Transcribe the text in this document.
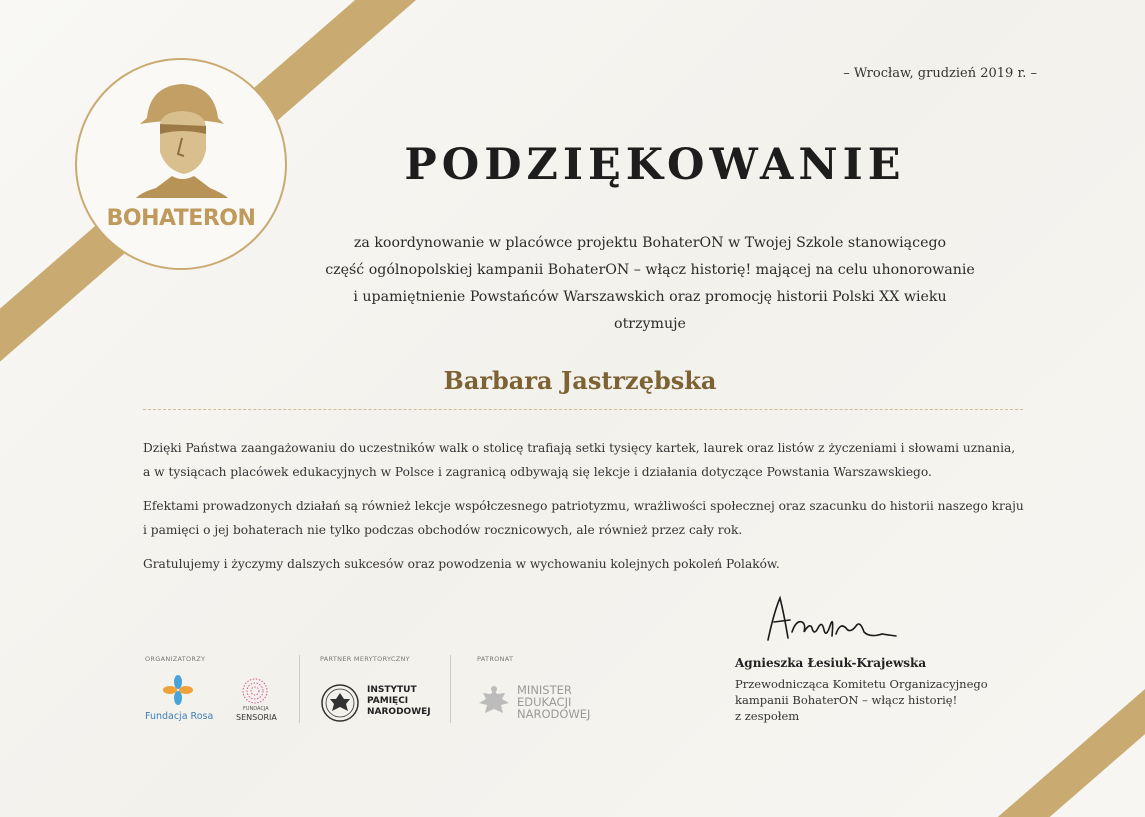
BOHATERON
– Wrocław, grudzień 2019 r. –
PODZIĘKOWANIE
za koordynowanie w placówce projektu BohaterON w Twojej Szkole stanowiącego
część ogólnopolskiej kampanii BohaterON – włącz historię! mającej na celu uhonorowanie
i upamiętnienie Powstańców Warszawskich oraz promocję historii Polski XX wieku
otrzymuje
Barbara Jastrzębska

Dzięki Państwa zaangażowaniu do uczestników walk o stolicę trafiają setki tysięcy kartek, laurek oraz listów z życzeniami i słowami uznania,
a w tysiącach placówek edukacyjnych w Polsce i zagranicą odbywają się lekcje i działania dotyczące Powstania Warszawskiego.

Efektami prowadzonych działań są również lekcje współczesnego patriotyzmu, wrażliwości społecznej oraz szacunku do historii naszego kraju
i pamięci o jej bohaterach nie tylko podczas obchodów rocznicowych, ale również przez cały rok.

Gratulujemy i życzymy dalszych sukcesów oraz powodzenia w wychowaniu kolejnych pokoleń Polaków.

ORGANIZATORZY	PARTNER MERYTORYCZNY	PATRONAT
Fundacja Rosa
FUNDACJA
SENSORIA
INSTYTUT
PAMIĘCI
NARODOWEJ
MINISTER
EDUKACJI
NARODOWEJ
Agnieszka Łesiuk-Krajewska
Przewodnicząca Komitetu Organizacyjnego
kampanii BohaterON – włącz historię!
z zespołem
